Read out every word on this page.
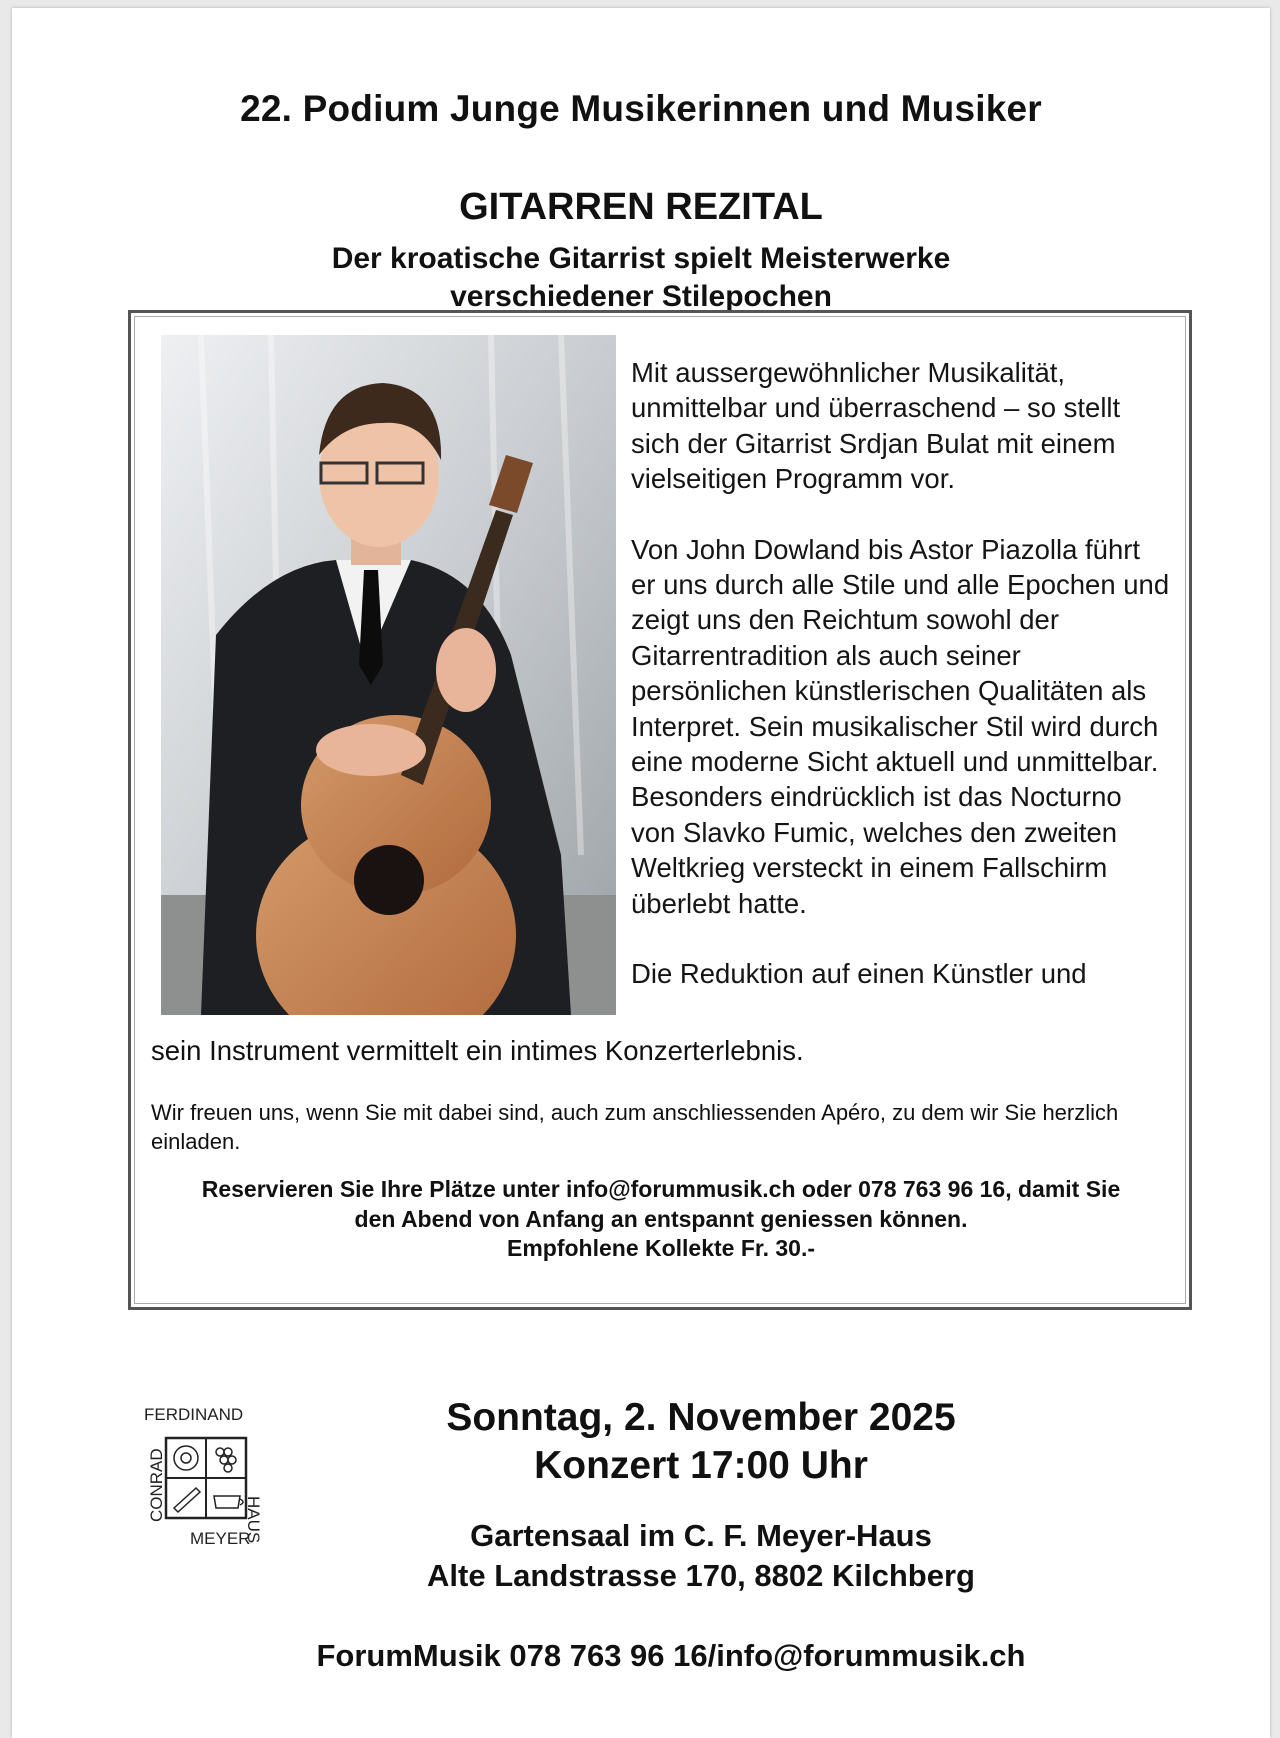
22. Podium Junge Musikerinnen und Musiker
GITARREN REZITAL
Der kroatische Gitarrist spielt Meisterwerke
verschiedener Stilepochen

Mit aussergewöhnlicher Musikalität, unmittelbar und überraschend – so stellt sich der Gitarrist Srdjan Bulat mit einem vielseitigen Programm vor.

Von John Dowland bis Astor Piazolla führt er uns durch alle Stile und alle Epochen und zeigt uns den Reichtum sowohl der Gitarrentradition als auch seiner persönlichen künstlerischen Qualitäten als Interpret. Sein musikalischer Stil wird durch eine moderne Sicht aktuell und unmittelbar. Besonders eindrücklich ist das Nocturno von Slavko Fumic, welches den zweiten Weltkrieg versteckt in einem Fallschirm überlebt hatte.

Die Reduktion auf einen Künstler und

sein Instrument vermittelt ein intimes Konzerterlebnis.
Wir freuen uns, wenn Sie mit dabei sind, auch zum anschliessenden Apéro, zu dem wir Sie herzlich einladen.
Reservieren Sie Ihre Plätze unter info@forummusik.ch oder 078 763 96 16, damit Sie
den Abend von Anfang an entspannt geniessen können.
Empfohlene Kollekte Fr. 30.-
FERDINAND
CONRAD
MEYER
HAUS
Sonntag, 2. November 2025
Konzert 17:00 Uhr
Gartensaal im C. F. Meyer-Haus
Alte Landstrasse 170, 8802 Kilchberg
ForumMusik 078 763 96 16/info@forummusik.ch
